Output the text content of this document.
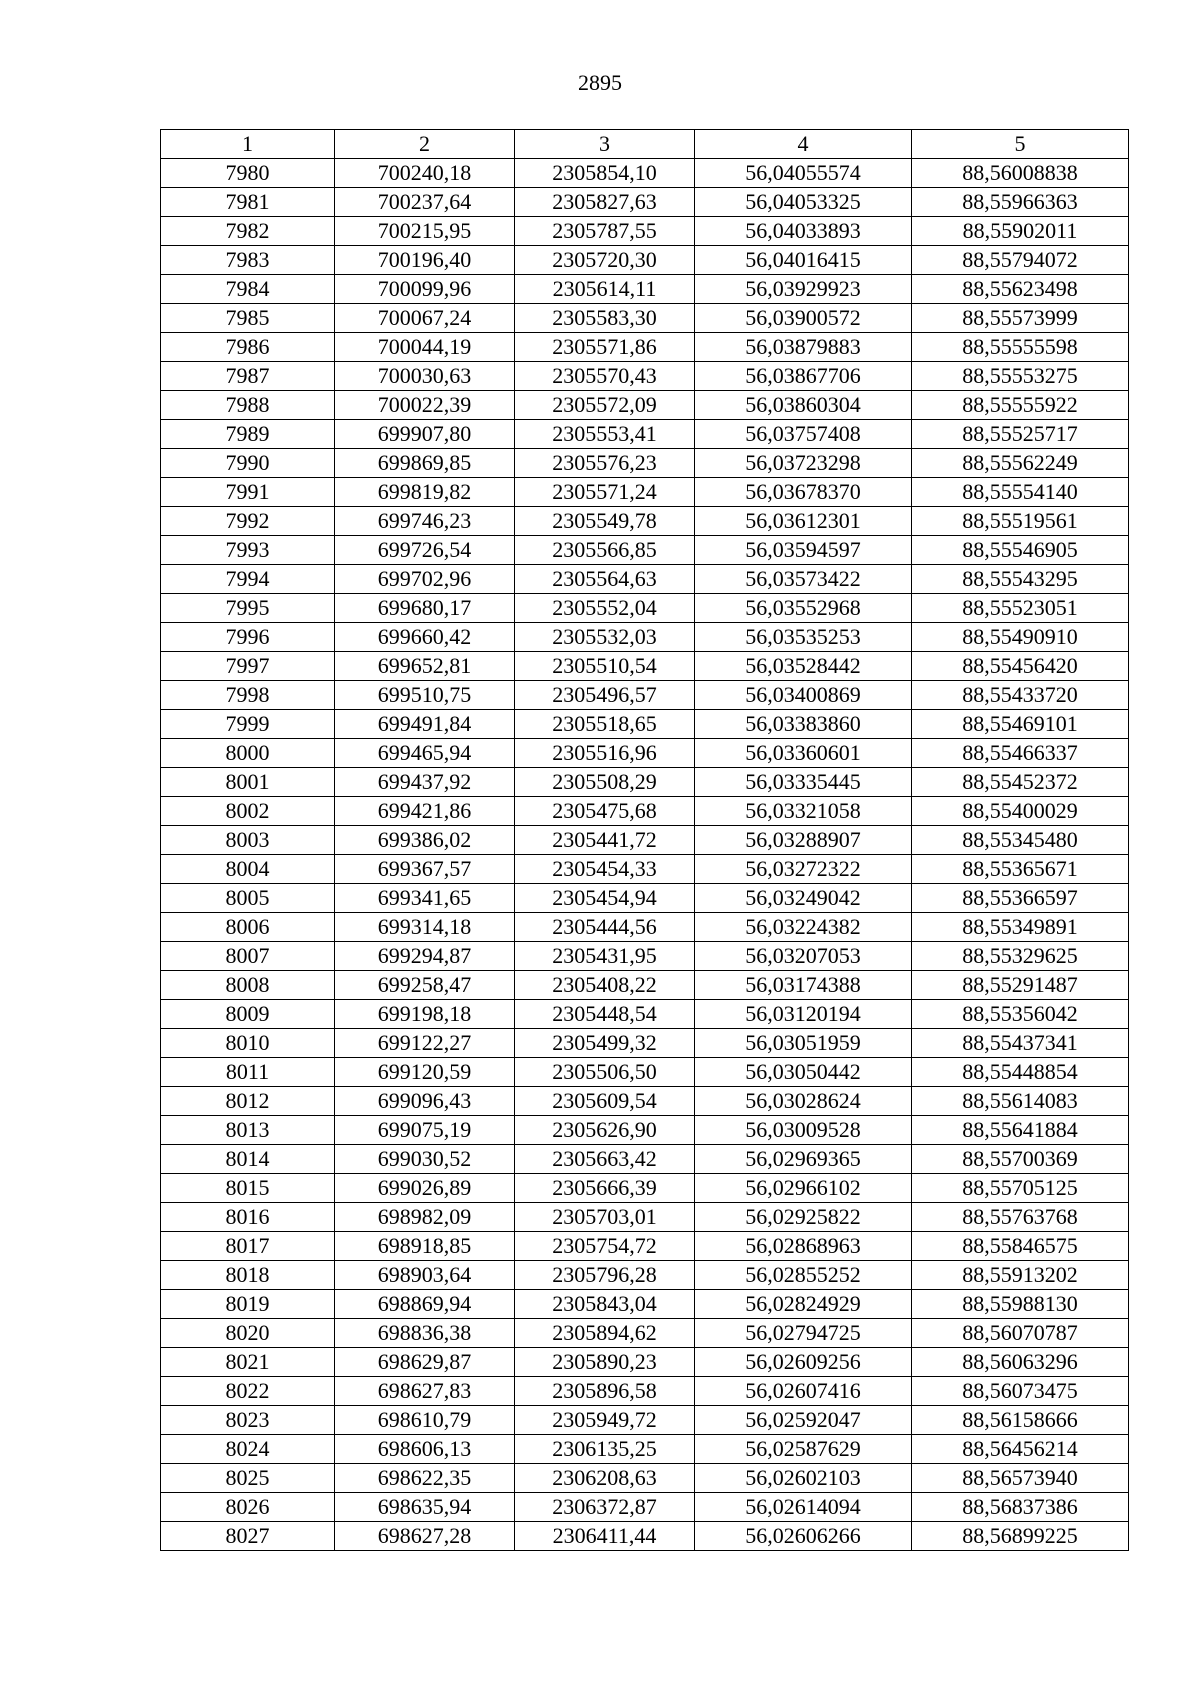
2895
1	2	3	4	5
7980	700240,18	2305854,10	56,04055574	88,56008838
7981	700237,64	2305827,63	56,04053325	88,55966363
7982	700215,95	2305787,55	56,04033893	88,55902011
7983	700196,40	2305720,30	56,04016415	88,55794072
7984	700099,96	2305614,11	56,03929923	88,55623498
7985	700067,24	2305583,30	56,03900572	88,55573999
7986	700044,19	2305571,86	56,03879883	88,55555598
7987	700030,63	2305570,43	56,03867706	88,55553275
7988	700022,39	2305572,09	56,03860304	88,55555922
7989	699907,80	2305553,41	56,03757408	88,55525717
7990	699869,85	2305576,23	56,03723298	88,55562249
7991	699819,82	2305571,24	56,03678370	88,55554140
7992	699746,23	2305549,78	56,03612301	88,55519561
7993	699726,54	2305566,85	56,03594597	88,55546905
7994	699702,96	2305564,63	56,03573422	88,55543295
7995	699680,17	2305552,04	56,03552968	88,55523051
7996	699660,42	2305532,03	56,03535253	88,55490910
7997	699652,81	2305510,54	56,03528442	88,55456420
7998	699510,75	2305496,57	56,03400869	88,55433720
7999	699491,84	2305518,65	56,03383860	88,55469101
8000	699465,94	2305516,96	56,03360601	88,55466337
8001	699437,92	2305508,29	56,03335445	88,55452372
8002	699421,86	2305475,68	56,03321058	88,55400029
8003	699386,02	2305441,72	56,03288907	88,55345480
8004	699367,57	2305454,33	56,03272322	88,55365671
8005	699341,65	2305454,94	56,03249042	88,55366597
8006	699314,18	2305444,56	56,03224382	88,55349891
8007	699294,87	2305431,95	56,03207053	88,55329625
8008	699258,47	2305408,22	56,03174388	88,55291487
8009	699198,18	2305448,54	56,03120194	88,55356042
8010	699122,27	2305499,32	56,03051959	88,55437341
8011	699120,59	2305506,50	56,03050442	88,55448854
8012	699096,43	2305609,54	56,03028624	88,55614083
8013	699075,19	2305626,90	56,03009528	88,55641884
8014	699030,52	2305663,42	56,02969365	88,55700369
8015	699026,89	2305666,39	56,02966102	88,55705125
8016	698982,09	2305703,01	56,02925822	88,55763768
8017	698918,85	2305754,72	56,02868963	88,55846575
8018	698903,64	2305796,28	56,02855252	88,55913202
8019	698869,94	2305843,04	56,02824929	88,55988130
8020	698836,38	2305894,62	56,02794725	88,56070787
8021	698629,87	2305890,23	56,02609256	88,56063296
8022	698627,83	2305896,58	56,02607416	88,56073475
8023	698610,79	2305949,72	56,02592047	88,56158666
8024	698606,13	2306135,25	56,02587629	88,56456214
8025	698622,35	2306208,63	56,02602103	88,56573940
8026	698635,94	2306372,87	56,02614094	88,56837386
8027	698627,28	2306411,44	56,02606266	88,56899225
